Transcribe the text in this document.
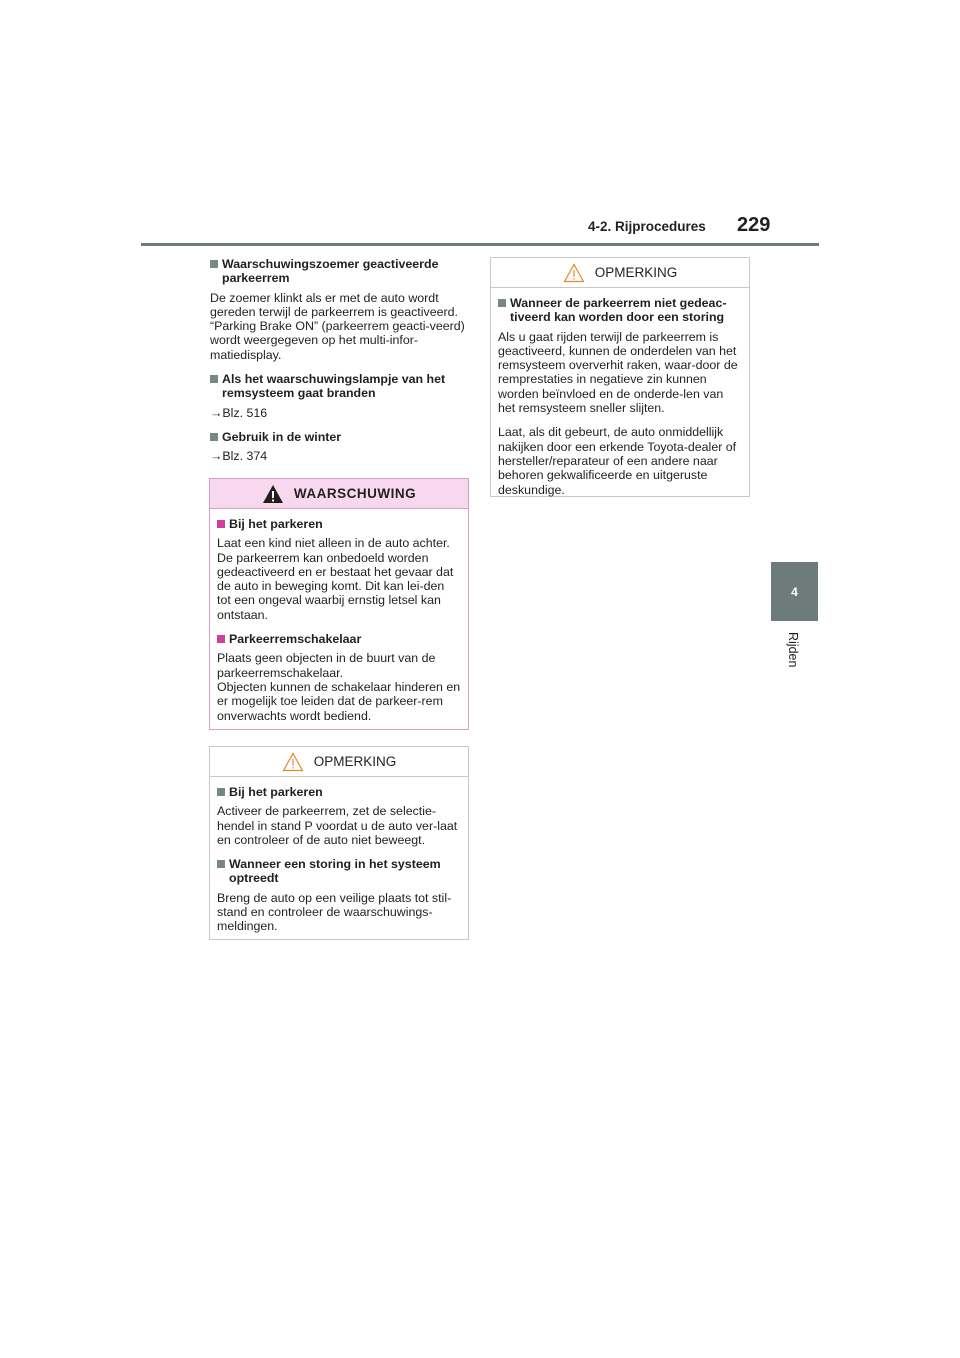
4-2. Rijprocedures 229
4
Rijden

Waarschuwingszoemer geactiveerde parkeerrem

De zoemer klinkt als er met de auto wordt gereden terwijl de parkeerrem is geactiveerd. “Parking Brake ON” (parkeerrem geacti-veerd) wordt weergegeven op het multi-infor-matiedisplay.

Als het waarschuwingslampje van het remsysteem gaat branden

→Blz. 516

Gebruik in de winter

→Blz. 374

WAARSCHUWING

Bij het parkeren

Laat een kind niet alleen in de auto achter. De parkeerrem kan onbedoeld worden gedeactiveerd en er bestaat het gevaar dat de auto in beweging komt. Dit kan lei-den tot een ongeval waarbij ernstig letsel kan ontstaan.

Parkeerremschakelaar

Plaats geen objecten in de buurt van de parkeerremschakelaar.
Objecten kunnen de schakelaar hinderen en er mogelijk toe leiden dat de parkeer-rem onverwachts wordt bediend.

OPMERKING

Bij het parkeren

Activeer de parkeerrem, zet de selectie-hendel in stand P voordat u de auto ver-laat en controleer of de auto niet beweegt.

Wanneer een storing in het systeem optreedt

Breng de auto op een veilige plaats tot stil-stand en controleer de waarschuwings-meldingen.

OPMERKING

Wanneer de parkeerrem niet gedeac-tiveerd kan worden door een storing

Als u gaat rijden terwijl de parkeerrem is geactiveerd, kunnen de onderdelen van het remsysteem oververhit raken, waar-door de remprestaties in negatieve zin kunnen worden beïnvloed en de onderde-len van het remsysteem sneller slijten.

Laat, als dit gebeurt, de auto onmiddellijk nakijken door een erkende Toyota-dealer of hersteller/reparateur of een andere naar behoren gekwalificeerde en uitgeruste deskundige.
